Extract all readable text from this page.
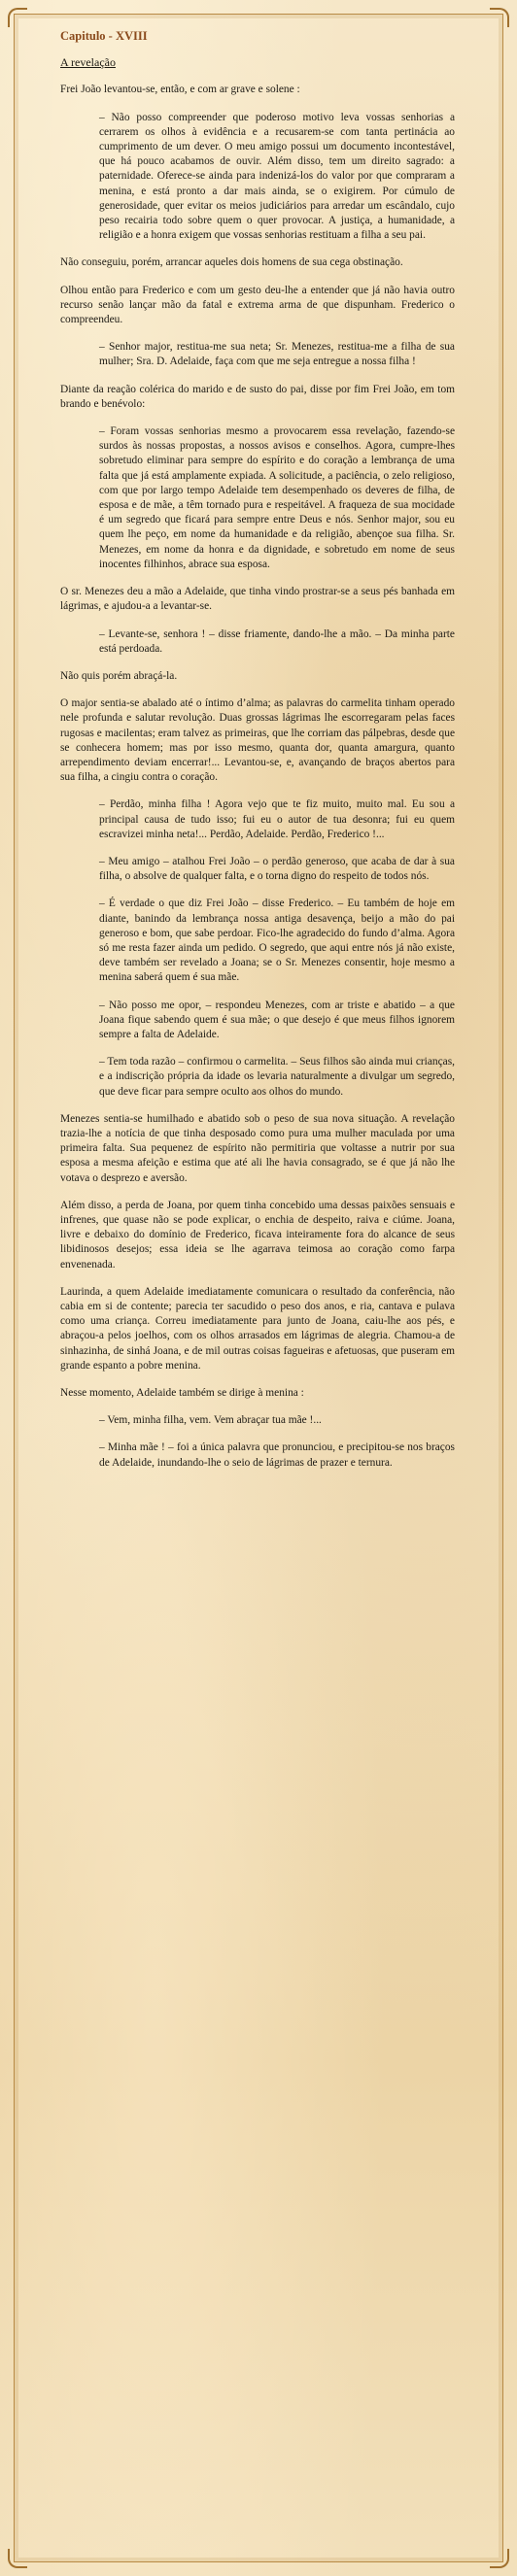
Capitulo - XVIII
A revelação
Frei João levantou-se, então, e com ar grave e solene :
– Não posso compreender que poderoso motivo leva vossas senhorias a cerrarem os olhos à evidência e a recusarem-se com tanta pertinácia ao cumprimento de um dever. O meu amigo possui um documento incontestável, que há pouco acabamos de ouvir. Além disso, tem um direito sagrado: a paternidade. Oferece-se ainda para indenizá-los do valor por que compraram a menina, e está pronto a dar mais ainda, se o exigirem. Por cúmulo de generosidade, quer evitar os meios judiciários para arredar um escândalo, cujo peso recairia todo sobre quem o quer provocar. A justiça, a humanidade, a religião e a honra exigem que vossas senhorias restituam a filha a seu pai.
Não conseguiu, porém, arrancar aqueles dois homens de sua cega obstinação.
Olhou então para Frederico e com um gesto deu-lhe a entender que já não havia outro recurso senão lançar mão da fatal e extrema arma de que dispunham. Frederico o compreendeu.
– Senhor major, restitua-me sua neta; Sr. Menezes, restitua-me a filha de sua mulher; Sra. D. Adelaide, faça com que me seja entregue a nossa filha !
Diante da reação colérica do marido e de susto do pai, disse por fim Frei João, em tom brando e benévolo:
– Foram vossas senhorias mesmo a provocarem essa revelação, fazendo-se surdos às nossas propostas, a nossos avisos e conselhos. Agora, cumpre-lhes sobretudo eliminar para sempre do espírito e do coração a lembrança de uma falta que já está amplamente expiada. A solicitude, a paciência, o zelo religioso, com que por largo tempo Adelaide tem desempenhado os deveres de filha, de esposa e de mãe, a têm tornado pura e respeitável. A fraqueza de sua mocidade é um segredo que ficará para sempre entre Deus e nós. Senhor major, sou eu quem lhe peço, em nome da humanidade e da religião, abençoe sua filha. Sr. Menezes, em nome da honra e da dignidade, e sobretudo em nome de seus inocentes filhinhos, abrace sua esposa.
O sr. Menezes deu a mão a Adelaide, que tinha vindo prostrar-se a seus pés banhada em lágrimas, e ajudou-a a levantar-se.
– Levante-se, senhora ! – disse friamente, dando-lhe a mão. – Da minha parte está perdoada.
Não quis porém abraçá-la.
O major sentia-se abalado até o íntimo d’alma; as palavras do carmelita tinham operado nele profunda e salutar revolução. Duas grossas lágrimas lhe escorregaram pelas faces rugosas e macilentas; eram talvez as primeiras, que lhe corriam das pálpebras, desde que se conhecera homem; mas por isso mesmo, quanta dor, quanta amargura, quanto arrependimento deviam encerrar!... Levantou-se, e, avançando de braços abertos para sua filha, a cingiu contra o coração.
– Perdão, minha filha ! Agora vejo que te fiz muito, muito mal. Eu sou a principal causa de tudo isso; fui eu o autor de tua desonra; fui eu quem escravizei minha neta!... Perdão, Adelaide. Perdão, Frederico !...
– Meu amigo – atalhou Frei João – o perdão generoso, que acaba de dar à sua filha, o absolve de qualquer falta, e o torna digno do respeito de todos nós.
– É verdade o que diz Frei João – disse Frederico. – Eu também de hoje em diante, banindo da lembrança nossa antiga desavença, beijo a mão do pai generoso e bom, que sabe perdoar. Fico-lhe agradecido do fundo d’alma. Agora só me resta fazer ainda um pedido. O segredo, que aqui entre nós já não existe, deve também ser revelado a Joana; se o Sr. Menezes consentir, hoje mesmo a menina saberá quem é sua mãe.
– Não posso me opor, – respondeu Menezes, com ar triste e abatido – a que Joana fique sabendo quem é sua mãe; o que desejo é que meus filhos ignorem sempre a falta de Adelaide.
– Tem toda razão – confirmou o carmelita. – Seus filhos são ainda mui crianças, e a indiscrição própria da idade os levaria naturalmente a divulgar um segredo, que deve ficar para sempre oculto aos olhos do mundo.
Menezes sentia-se humilhado e abatido sob o peso de sua nova situação. A revelação trazia-lhe a notícia de que tinha desposado como pura uma mulher maculada por uma primeira falta. Sua pequenez de espírito não permitiria que voltasse a nutrir por sua esposa a mesma afeição e estima que até ali lhe havia consagrado, se é que já não lhe votava o desprezo e aversão.
Além disso, a perda de Joana, por quem tinha concebido uma dessas paixões sensuais e infrenes, que quase não se pode explicar, o enchia de despeito, raiva e ciúme. Joana, livre e debaixo do domínio de Frederico, ficava inteiramente fora do alcance de seus libidinosos desejos; essa ideia se lhe agarrava teimosa ao coração como farpa envenenada.
Laurinda, a quem Adelaide imediatamente comunicara o resultado da conferência, não cabia em si de contente; parecia ter sacudido o peso dos anos, e ria, cantava e pulava como uma criança. Correu imediatamente para junto de Joana, caiu-lhe aos pés, e abraçou-a pelos joelhos, com os olhos arrasados em lágrimas de alegria. Chamou-a de sinhazinha, de sinhá Joana, e de mil outras coisas fagueiras e afetuosas, que puseram em grande espanto a pobre menina.
Nesse momento, Adelaide também se dirige à menina :
– Vem, minha filha, vem. Vem abraçar tua mãe !...
– Minha mãe ! – foi a única palavra que pronunciou, e precipitou-se nos braços de Adelaide, inundando-lhe o seio de lágrimas de prazer e ternura.
